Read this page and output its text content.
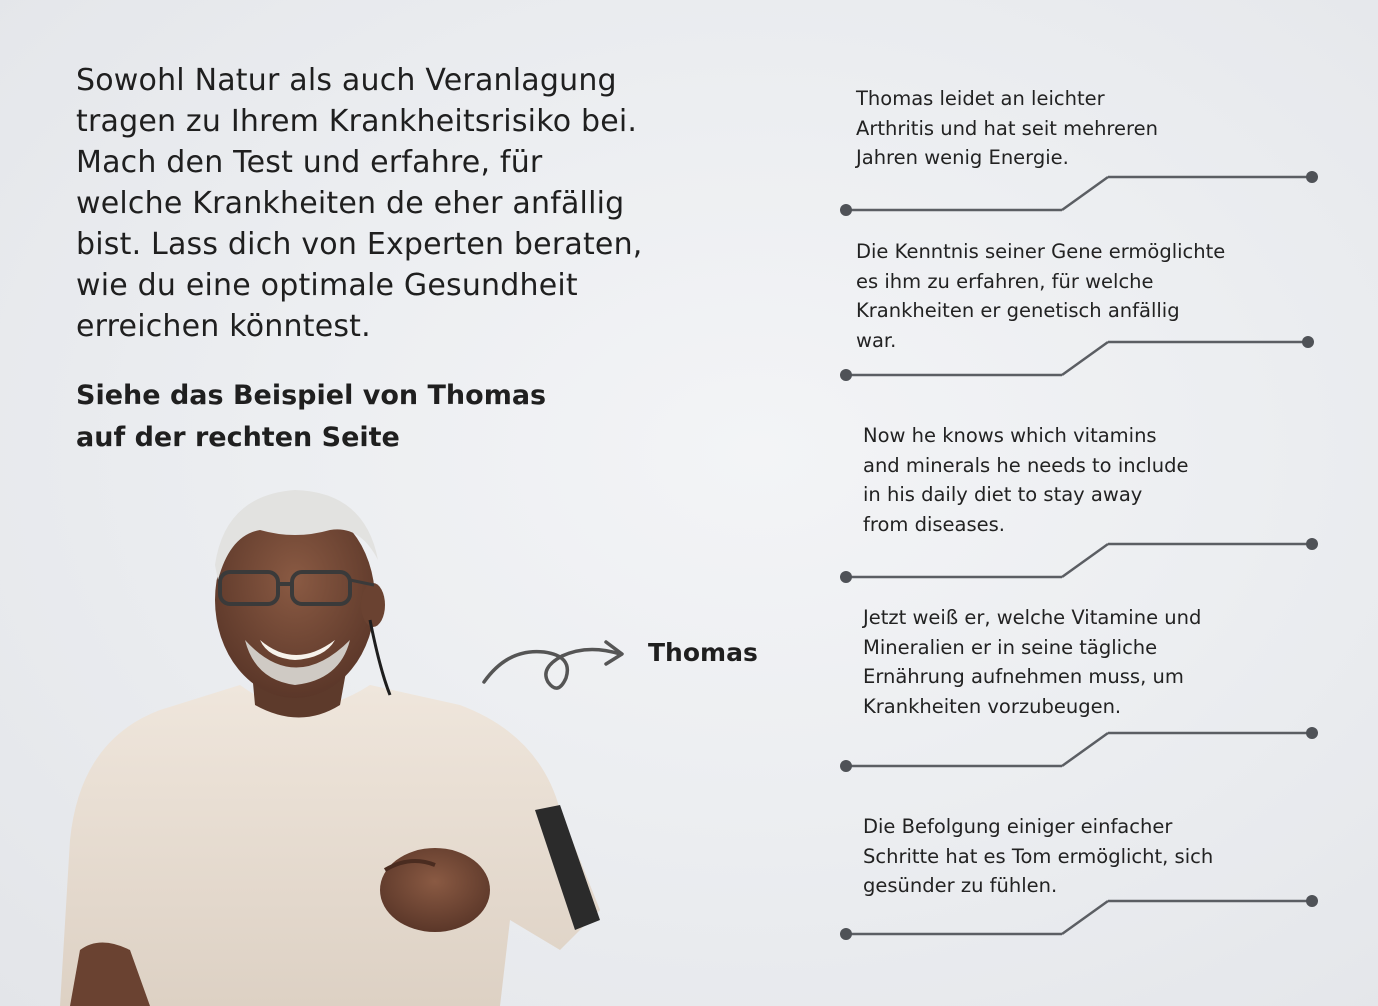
Sowohl Natur als auch Veranlagung tragen zu Ihrem Krankheitsrisiko bei. Mach den Test und erfahre, für welche Krankheiten de eher anfällig bist. Lass dich von Experten beraten, wie du eine optimale Gesundheit erreichen könntest.

Siehe das Beispiel von Thomas
auf der rechten Seite

Thomas

Thomas leidet an leichter Arthritis und hat seit mehreren Jahren wenig Energie.

Die Kenntnis seiner Gene ermöglichte es ihm zu erfahren, für welche Krankheiten er genetisch anfällig war.

Now he knows which vitamins and minerals he needs to include in his daily diet to stay away from diseases.

Jetzt weiß er, welche Vitamine und Mineralien er in seine tägliche Ernährung aufnehmen muss, um Krankheiten vorzubeugen.

Die Befolgung einiger einfacher Schritte hat es Tom ermöglicht, sich gesünder zu fühlen.
